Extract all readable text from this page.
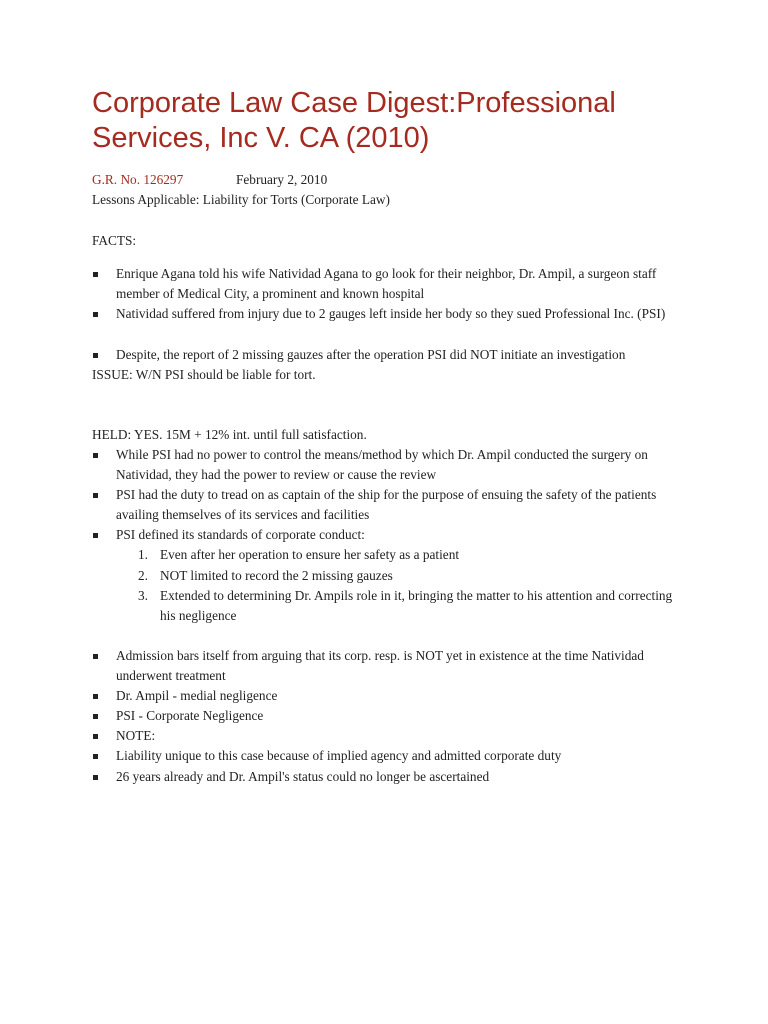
Corporate Law Case Digest:Professional Services, Inc V. CA (2010)
G.R. No. 126297	February 2, 2010
Lessons Applicable: Liability for Torts (Corporate Law)
FACTS:
Enrique Agana told his wife Natividad Agana to go look for their neighbor, Dr. Ampil, a surgeon staff member of Medical City, a prominent and known hospital
Natividad suffered from injury due to 2 gauges left inside her body so they sued Professional Inc. (PSI)
Despite, the report of 2 missing gauzes after the operation PSI did NOT initiate an investigation
ISSUE: W/N PSI should be liable for tort.
HELD: YES. 15M + 12% int. until full satisfaction.
While PSI had no power to control the means/method by which Dr. Ampil conducted the surgery on Natividad, they had the power to review or cause the review
PSI had the duty to tread on as captain of the ship for the purpose of ensuing the safety of the patients availing themselves of its services and facilities
PSI defined its standards of corporate conduct:
1. Even after her operation to ensure her safety as a patient
2. NOT limited to record the 2 missing gauzes
3. Extended to determining Dr. Ampils role in it, bringing the matter to his attention and correcting his negligence
Admission bars itself from arguing that its corp. resp. is NOT yet in existence at the time Natividad underwent treatment
Dr. Ampil - medial negligence
PSI - Corporate Negligence
NOTE:
Liability unique to this case because of implied agency and admitted corporate duty
26 years already and Dr. Ampil's status could no longer be ascertained
